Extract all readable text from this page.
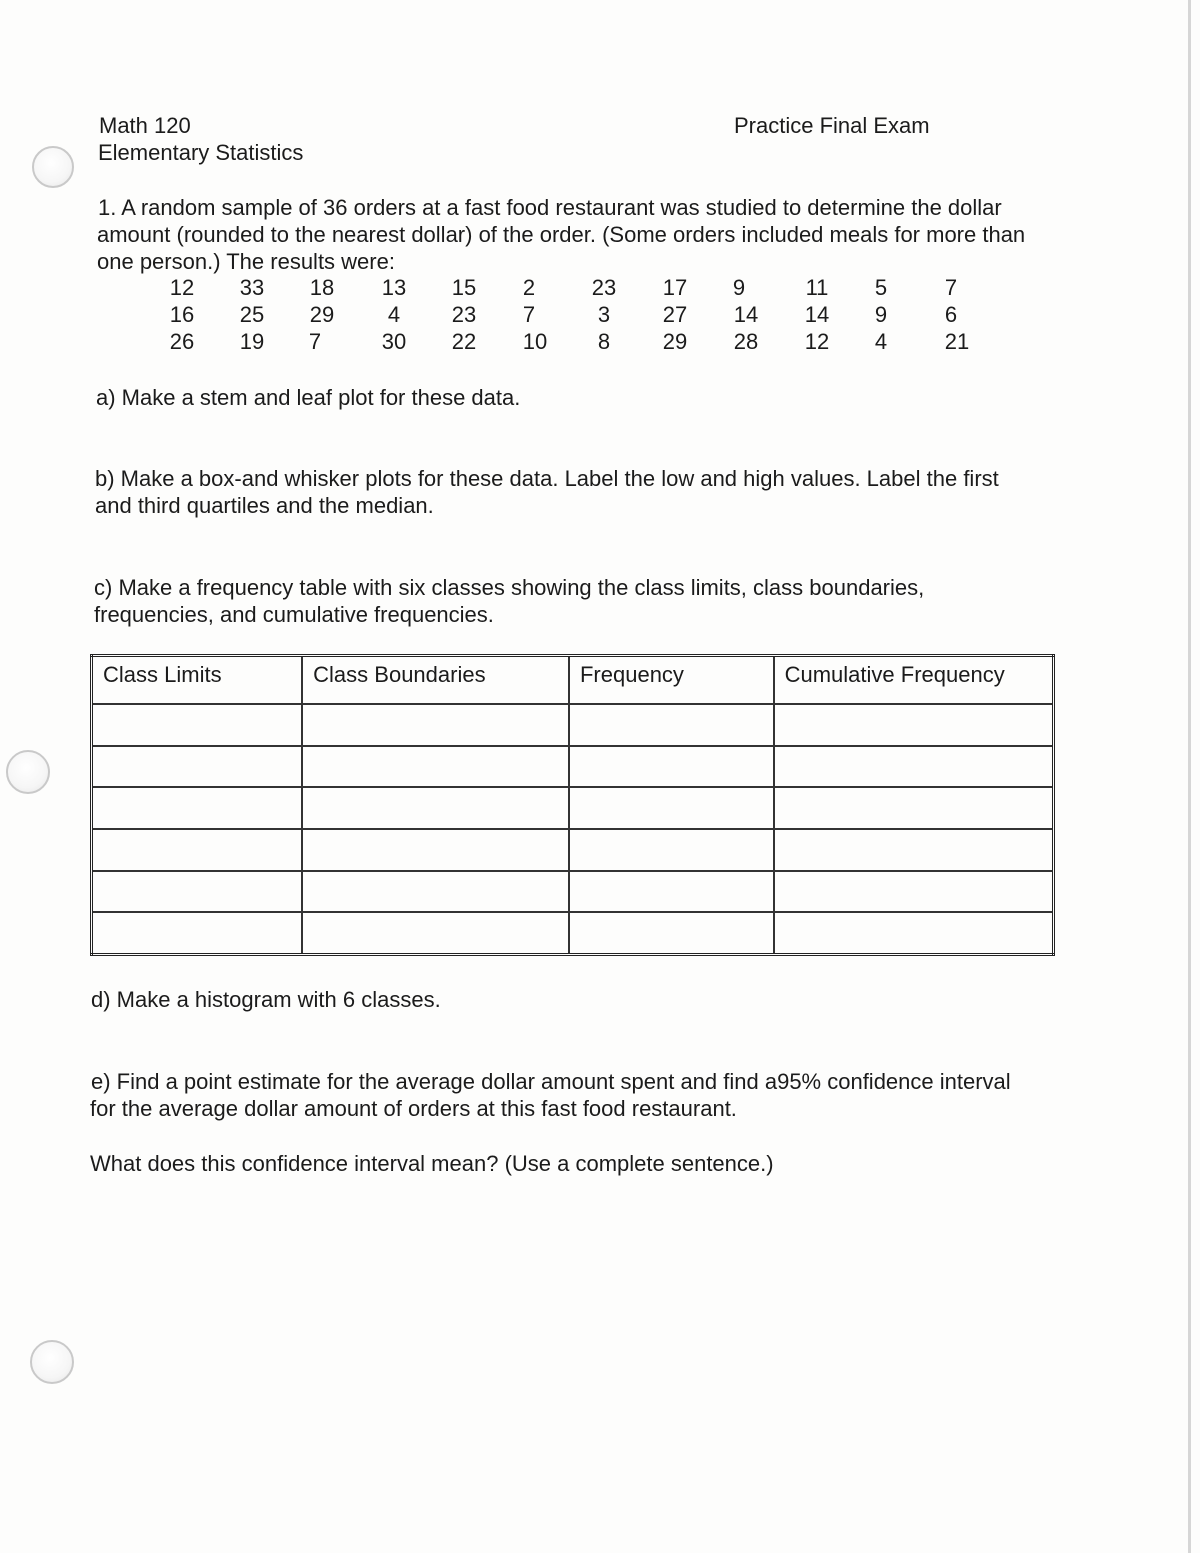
Math 120
Elementary Statistics
Practice Final Exam
1. A random sample of 36 orders at a fast food restaurant was studied to determine the dollar
amount (rounded to the nearest dollar) of the order. (Some orders included meals for more than
one person.) The results were:
12	33	18	13	15	2	23	17	9	11	5	7
16	25	29	4	23	7	3	27	14	14	9	6
26	19	7	30	22	10	8	29	28	12	4	21
a) Make a stem and leaf plot for these data.
b) Make a box-and whisker plots for these data. Label the low and high values. Label the first
and third quartiles and the median.
c) Make a frequency table with six classes showing the class limits, class boundaries,
frequencies, and cumulative frequencies.
Class Limits	Class Boundaries	Frequency	Cumulative Frequency

d) Make a histogram with 6 classes.
e) Find a point estimate for the average dollar amount spent and find a95% confidence interval
for the average dollar amount of orders at this fast food restaurant.
What does this confidence interval mean? (Use a complete sentence.)
